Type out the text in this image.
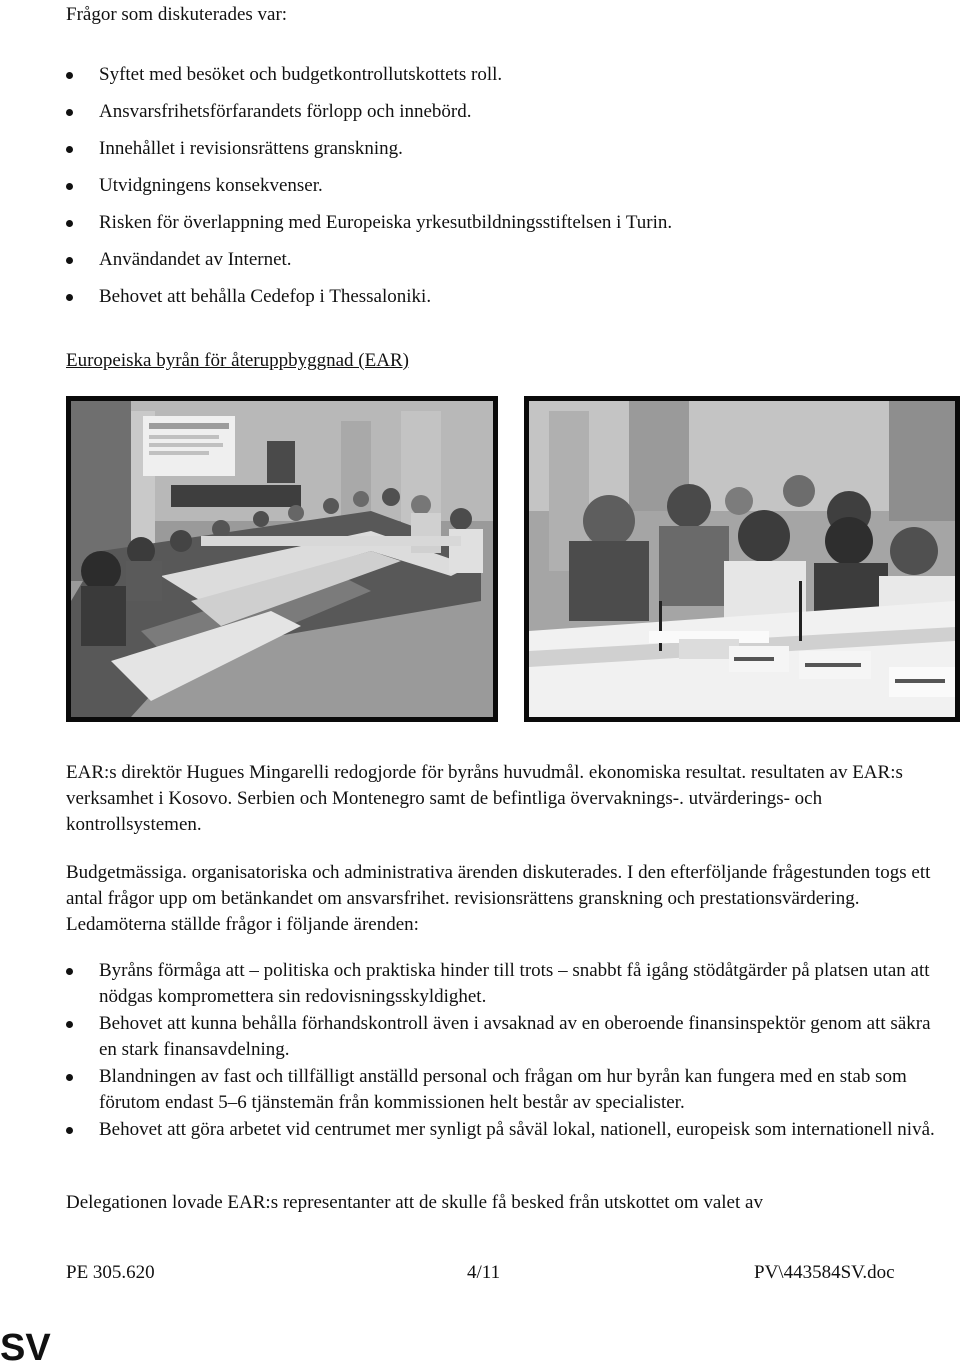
Frågor som diskuterades var:
Syftet med besöket och budgetkontrollutskottets roll.
Ansvarsfrihetsförfarandets förlopp och innebörd.
Innehållet i revisionsrättens granskning.
Utvidgningens konsekvenser.
Risken för överlappning med Europeiska yrkesutbildningsstiftelsen i Turin.
Användandet av Internet.
Behovet att behålla Cedefop i Thessaloniki.
Europeiska byrån för återuppbyggnad (EAR)
EAR:s direktör Hugues Mingarelli redogjorde för byråns huvudmål. ekonomiska resultat. resultaten av EAR:s verksamhet i Kosovo. Serbien och Montenegro samt de befintliga övervaknings-. utvärderings- och kontrollsystemen.
Budgetmässiga. organisatoriska och administrativa ärenden diskuterades. I den efterföljande frågestunden togs ett antal frågor upp om betänkandet om ansvarsfrihet. revisionsrättens granskning och prestationsvärdering. Ledamöterna ställde frågor i följande ärenden:
Byråns förmåga att – politiska och praktiska hinder till trots – snabbt få igång stödåtgärder på platsen utan att nödgas kompromettera sin redovisningsskyldighet.
Behovet att kunna behålla förhandskontroll även i avsaknad av en oberoende finansinspektör genom att säkra en stark finansavdelning.
Blandningen av fast och tillfälligt anställd personal och frågan om hur byrån kan fungera med en stab som förutom endast 5–6 tjänstemän från kommissionen helt består av specialister.
Behovet att göra arbetet vid centrumet mer synligt på såväl lokal, nationell, europeisk som internationell nivå.
Delegationen lovade EAR:s representanter att de skulle få besked från utskottet om valet av
PE 305.620	4/11	PV\443584SV.doc
SV
